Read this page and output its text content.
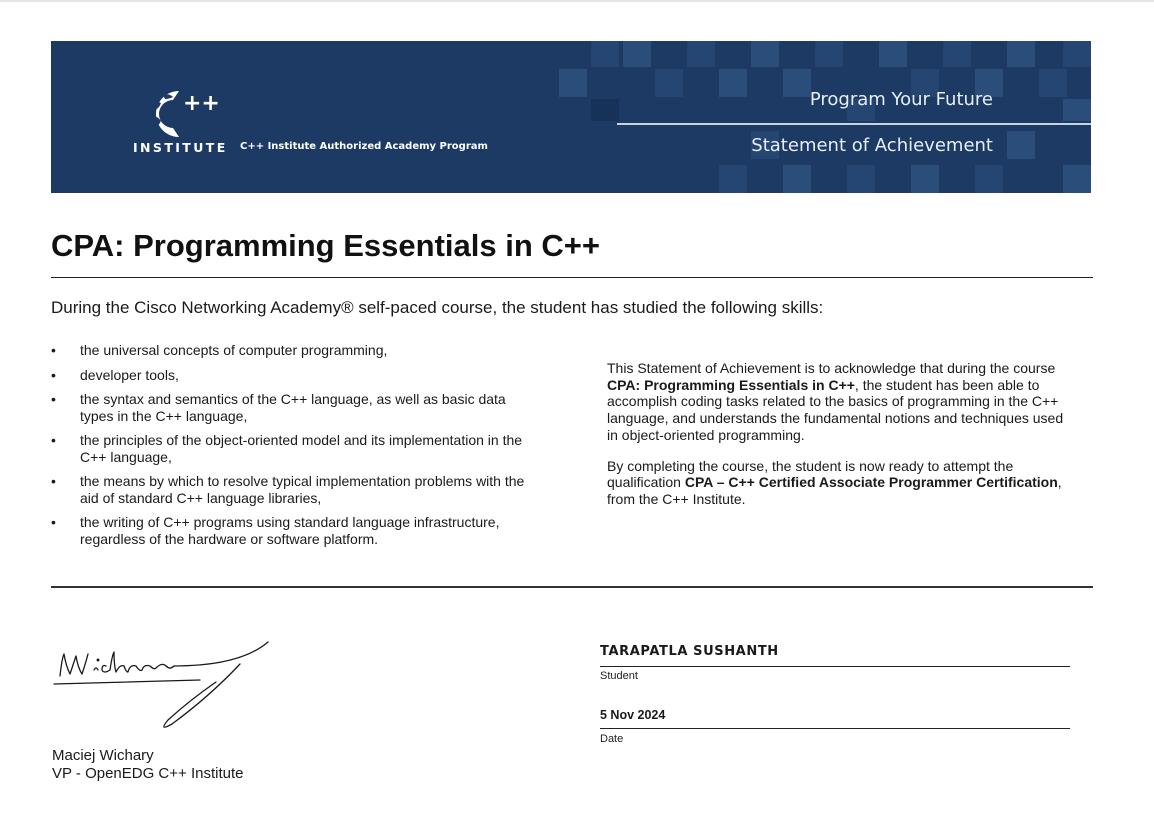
++
INSTITUTE C++ Institute Authorized Academy Program
Program Your Future
Statement of Achievement
CPA: Programming Essentials in C++
During the Cisco Networking Academy® self-paced course, the student has studied the following skills:
• the universal concepts of computer programming,
• developer tools,
• the syntax and semantics of the C++ language, as well as basic data types in the C++ language,
• the principles of the object-oriented model and its implementation in the C++ language,
• the means by which to resolve typical implementation problems with the aid of standard C++ language libraries,
• the writing of C++ programs using standard language infrastructure, regardless of the hardware or software platform.

This Statement of Achievement is to acknowledge that during the course CPA: Programming Essentials in C++, the student has been able to accomplish coding tasks related to the basics of programming in the C++ language, and understands the fundamental notions and techniques used in object-oriented programming.

By completing the course, the student is now ready to attempt the qualification CPA – C++ Certified Associate Programmer Certification, from the C++ Institute.

Maciej Wichary
VP - OpenEDG C++ Institute
TARAPATLA SUSHANTH
Student
5 Nov 2024
Date
